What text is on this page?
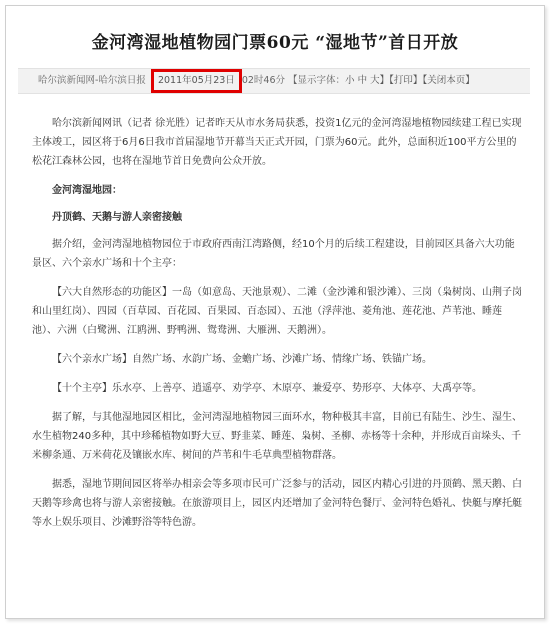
金河湾湿地植物园门票60元 “湿地节”首日开放
哈尔滨新闻网-哈尔滨日报 2011年05月23日 02时46分 【显示字体：小 中 大】【打印】【关闭本页】

哈尔滨新闻网讯（记者 徐光胜）记者昨天从市水务局获悉，投资1亿元的金河湾湿地植物园续建工程已实现主体竣工，园区将于6月6日我市首届湿地节开幕当天正式开园，门票为60元。此外，总面积近100平方公里的松花江森林公园，也将在湿地节首日免费向公众开放。

金河湾湿地园：

丹顶鹤、天鹅与游人亲密接触

据介绍，金河湾湿地植物园位于市政府西南江湾路侧，经10个月的后续工程建设，目前园区具备六大功能景区、六个亲水广场和十个主亭：

【六大自然形态的功能区】一岛（如意岛、天池景观）、二滩（金沙滩和银沙滩）、三岗（枭树岗、山荆子岗和山里红岗）、四园（百草园、百花园、百果园、百态园）、五池（浮萍池、菱角池、莲花池、芦苇池、睡莲池）、六洲（白鹭洲、江鸥洲、野鸭洲、鸳鸯洲、大雁洲、天鹅洲）。

【六个亲水广场】自然广场、水韵广场、金蟾广场、沙滩广场、情缘广场、铁锚广场。

【十个主亭】乐水亭、上善亭、逍遥亭、劝学亭、木原亭、兼爱亭、势形亭、大体亭、大禹亭等。

据了解，与其他湿地园区相比，金河湾湿地植物园三面环水，物种极其丰富，目前已有陆生、沙生、湿生、水生植物240多种，其中珍稀植物如野大豆、野韭菜、睡莲、枭树、圣柳、赤杨等十余种，并形成百亩垛头、千米柳条通、万米荷花及镶嵌水库、树间的芦苇和牛毛草典型植物群落。

据悉，湿地节期间园区将举办相亲会等多项市民可广泛参与的活动，园区内精心引进的丹顶鹤、黑天鹅、白天鹅等珍禽也将与游人亲密接触。在旅游项目上，园区内还增加了金河特色餐厅、金河特色婚礼、快艇与摩托艇等水上娱乐项目、沙滩野浴等特色游。
